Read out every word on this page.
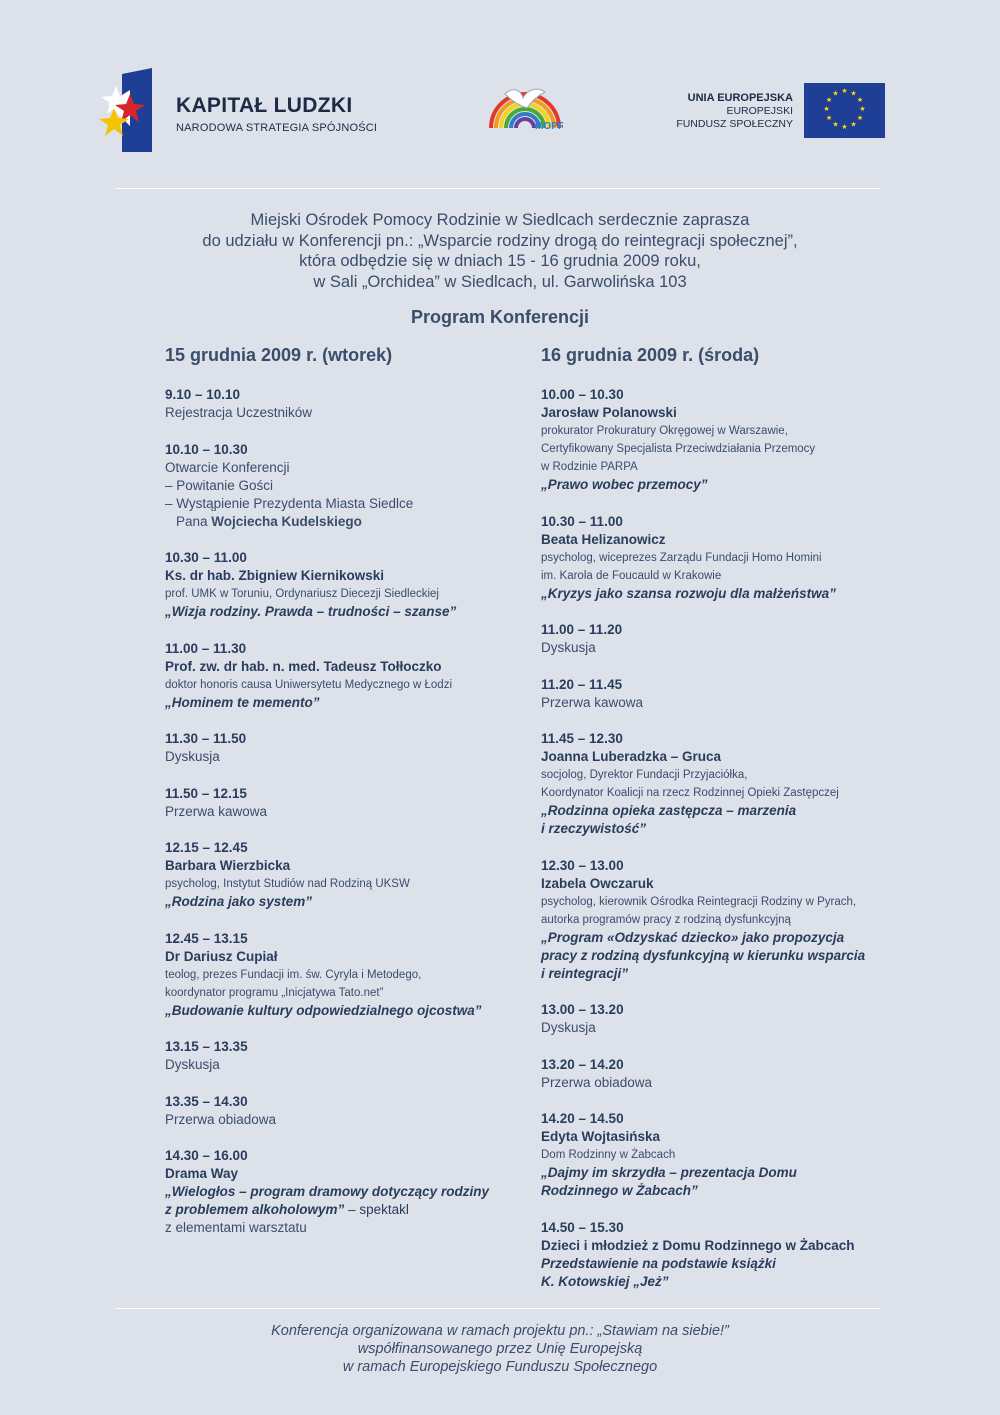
KAPITAŁ LUDZKI
NARODOWA STRATEGIA SPÓJNOŚCI	MOPR
UNIA EUROPEJSKA
EUROPEJSKI
FUNDUSZ SPOŁECZNY
★ ★
★
★
★
★
★
★
★
★
★
★
Miejski Ośrodek Pomocy Rodzinie w Siedlcach serdecznie zaprasza
do udziału w Konferencji pn.: „Wsparcie rodziny drogą do reintegracji społecznej”,
która odbędzie się w dniach 15 - 16 grudnia 2009 roku,
w Sali „Orchidea” w Siedlcach, ul. Garwolińska 103
Program Konferencji
15 grudnia 2009 r. (wtorek)
9.10 – 10.10
Rejestracja Uczestników
10.10 – 10.30
Otwarcie Konferencji
– Powitanie Gości
– Wystąpienie Prezydenta Miasta Siedlce
Pana Wojciecha Kudelskiego
10.30 – 11.00
Ks. dr hab. Zbigniew Kiernikowski
prof. UMK w Toruniu, Ordynariusz Diecezji Siedleckiej
„Wizja rodziny. Prawda – trudności – szanse”
11.00 – 11.30
Prof. zw. dr hab. n. med. Tadeusz Tołłoczko
doktor honoris causa Uniwersytetu Medycznego w Łodzi
„Hominem te memento”
11.30 – 11.50
Dyskusja
11.50 – 12.15
Przerwa kawowa
12.15 – 12.45
Barbara Wierzbicka
psycholog, Instytut Studiów nad Rodziną UKSW
„Rodzina jako system”
12.45 – 13.15
Dr Dariusz Cupiał
teolog, prezes Fundacji im. św. Cyryla i Metodego,
koordynator programu „Inicjatywa Tato.net”
„Budowanie kultury odpowiedzialnego ojcostwa”
13.15 – 13.35
Dyskusja
13.35 – 14.30
Przerwa obiadowa
14.30 – 16.00
Drama Way
„Wielogłos – program dramowy dotyczący rodziny
z problemem alkoholowym” – spektakl
z elementami warsztatu
16 grudnia 2009 r. (środa)
10.00 – 10.30
Jarosław Polanowski
prokurator Prokuratury Okręgowej w Warszawie,
Certyfikowany Specjalista Przeciwdziałania Przemocy
w Rodzinie PARPA
„Prawo wobec przemocy”
10.30 – 11.00
Beata Helizanowicz
psycholog, wiceprezes Zarządu Fundacji Homo Homini
im. Karola de Foucauld w Krakowie
„Kryzys jako szansa rozwoju dla małżeństwa”
11.00 – 11.20
Dyskusja
11.20 – 11.45
Przerwa kawowa
11.45 – 12.30
Joanna Luberadzka – Gruca
socjolog, Dyrektor Fundacji Przyjaciółka,
Koordynator Koalicji na rzecz Rodzinnej Opieki Zastępczej
„Rodzinna opieka zastępcza – marzenia
i rzeczywistość”
12.30 – 13.00
Izabela Owczaruk
psycholog, kierownik Ośrodka Reintegracji Rodziny w Pyrach,
autorka programów pracy z rodziną dysfunkcyjną
„Program «Odzyskać dziecko» jako propozycja
pracy z rodziną dysfunkcyjną w kierunku wsparcia
i reintegracji”
13.00 – 13.20
Dyskusja
13.20 – 14.20
Przerwa obiadowa
14.20 – 14.50
Edyta Wojtasińska
Dom Rodzinny w Żabcach
„Dajmy im skrzydła – prezentacja Domu
Rodzinnego w Żabcach”
14.50 – 15.30
Dzieci i młodzież z Domu Rodzinnego w Żabcach
Przedstawienie na podstawie książki
K. Kotowskiej „Jeż”
Konferencja organizowana w ramach projektu pn.: „Stawiam na siebie!”
współfinansowanego przez Unię Europejską
w ramach Europejskiego Funduszu Społecznego
